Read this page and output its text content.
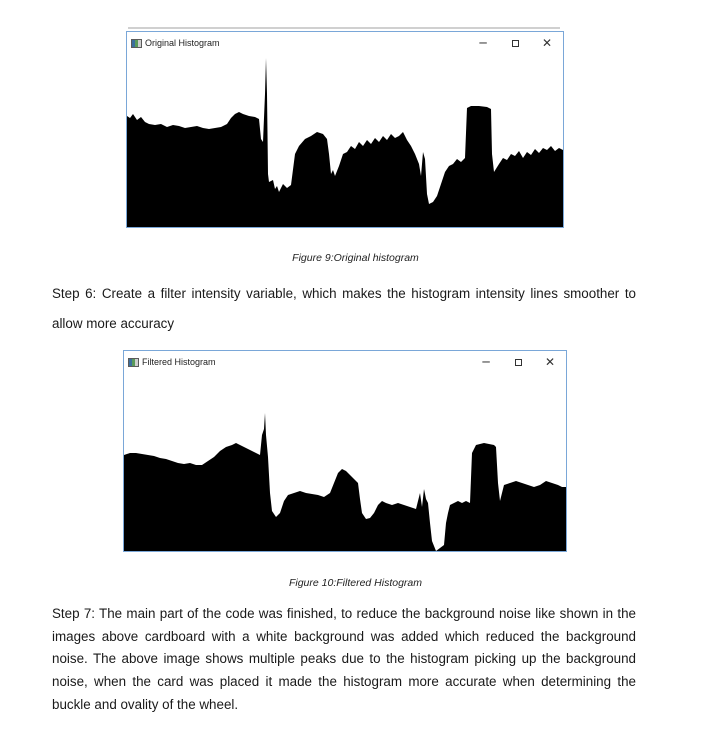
Original Histogram	─	✕
Figure 9:Original histogram

Step 6: Create a filter intensity variable, which makes the histogram intensity lines smoother to allow more accuracy

Filtered Histogram	─	✕
Figure 10:Filtered Histogram

Step 7: The main part of the code was finished, to reduce the background noise like shown in the images above cardboard with a white background was added which reduced the background noise. The above image shows multiple peaks due to the histogram picking up the background noise, when the card was placed it made the histogram more accurate when determining the buckle and ovality of the wheel.
